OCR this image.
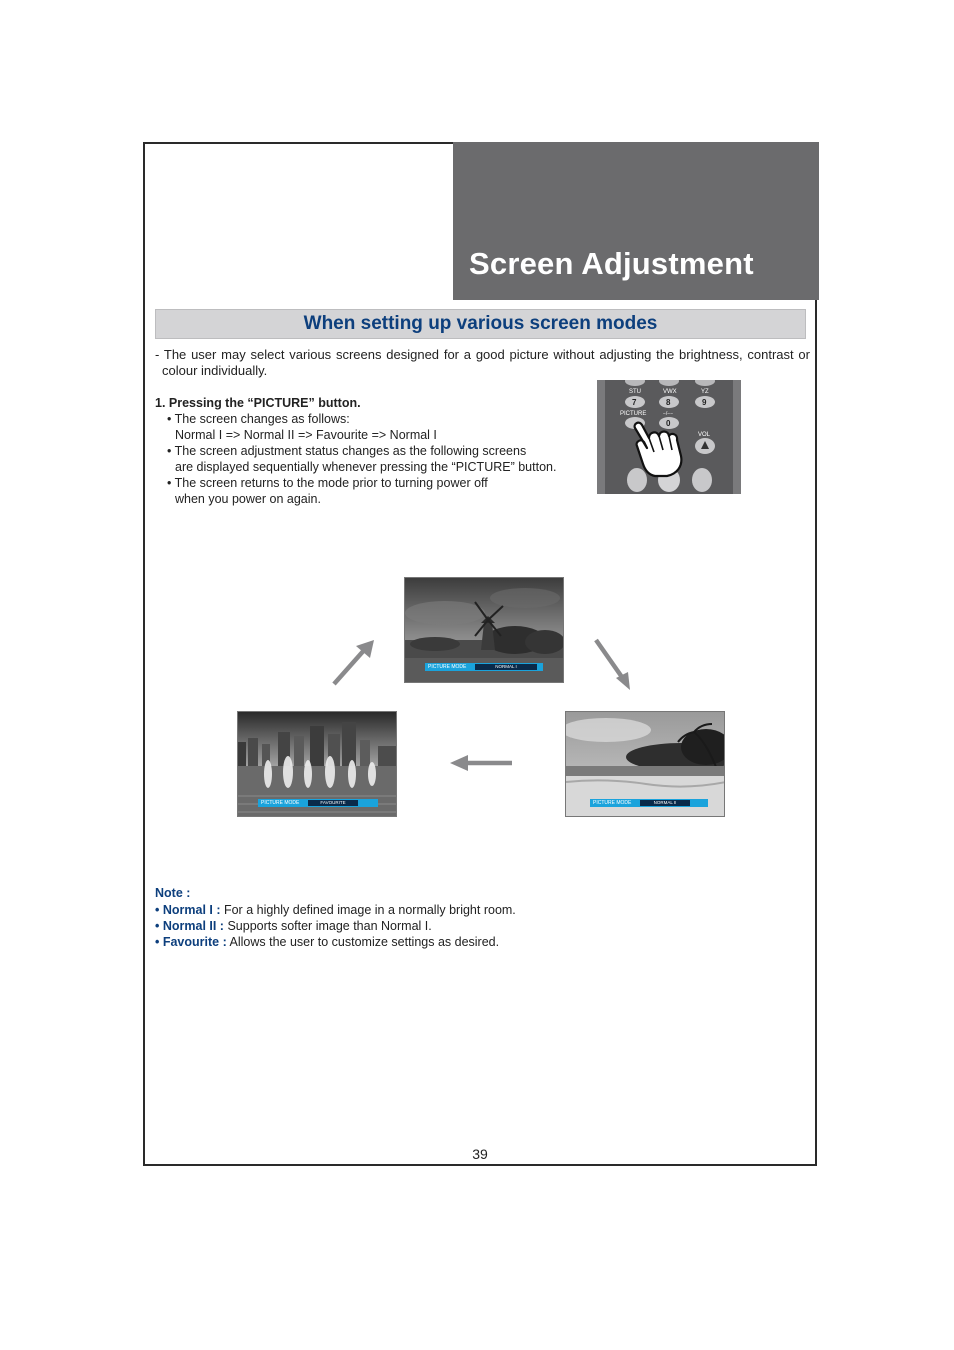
Screen Adjustment
When setting up various screen modes
- The user may select various screens designed for a good picture without adjusting the brightness, contrast or colour individually.
1. Pressing the “PICTURE” button.
• The screen changes as follows:
Normal I => Normal II => Favourite => Normal I
• The screen adjustment status changes as the following screens
are displayed sequentially whenever pressing the “PICTURE” button.
• The screen returns to the mode prior to turning power off
when you power on again.
STU	VWX	YZ
7	8	9
PICTURE	−/−−
0
VOL
PICTURE MODE	NORMAL I
PICTURE MODE	NORMAL II
PICTURE MODE	FAVOURITE
Note :
• Normal I : For a highly defined image in a normally bright room.
• Normal II : Supports softer image than Normal I.
• Favourite : Allows the user to customize settings as desired.
39
